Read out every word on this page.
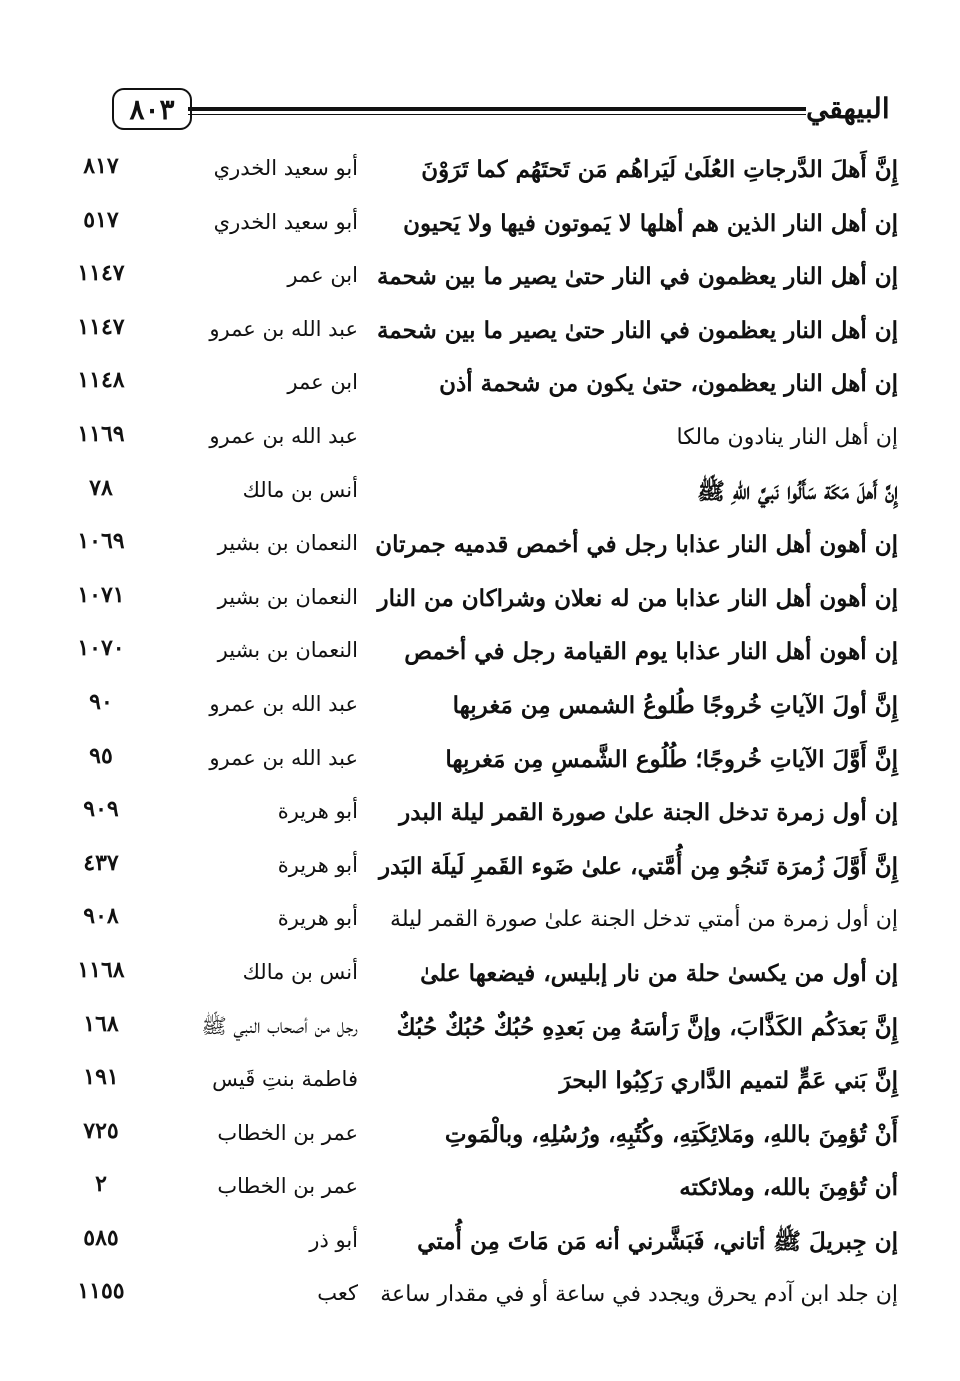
٨٠٣	البيهقي
إِنَّ أَهلَ الدَّرجاتِ العُلَىٰ لَيَراهُم مَن تَحتَهُم كما تَرَوْنَ
أبو سعيد الخدري
٨١٧
إن أهل النار الذين هم أهلها لا يَموتون فيها ولا يَحيون
أبو سعيد الخدري
٥١٧
إن أهل النار يعظمون في النار حتىٰ يصير ما بين شحمة
ابن عمر
١١٤٧
إن أهل النار يعظمون في النار حتىٰ يصير ما بين شحمة
عبد الله بن عمرو
١١٤٧
إن أهل النار يعظمون، حتىٰ يكون من شحمة أذن
ابن عمر
١١٤٨
إن أهل النار ينادون مالكا
عبد الله بن عمرو
١١٦٩
إِنَّ أَهلَ مَكَة سَأَلُوا نَبيَّ اللهِ ﷺ
أنس بن مالك
٧٨
إن أهون أهل النار عذابا رجل في أخمص قدميه جمرتان
النعمان بن بشير
١٠٦٩
إن أهون أهل النار عذابا من له نعلان وشراكان من النار
النعمان بن بشير
١٠٧١
إن أهون أهل النار عذابا يوم القيامة رجل في أخمص
النعمان بن بشير
١٠٧٠
إِنَّ أولَ الآياتِ خُروجًا طُلوعُ الشمس مِن مَغربِها
عبد الله بن عمرو
٩٠
إِنَّ أَوَّلَ الآياتِ خُروجًا؛ طُلُوع الشَّمسِ مِن مَغربِها
عبد الله بن عمرو
٩٥
إن أول زمرة تدخل الجنة علىٰ صورة القمر ليلة البدر
أبو هريرة
٩٠٩
إِنَّ أَوَّلَ زُمرَة تَنجُو مِن أُمَّتي، علىٰ ضَوء القَمرِ لَيلَة البَدر
أبو هريرة
٤٣٧
إن أول زمرة من أمتي تدخل الجنة علىٰ صورة القمر ليلة
أبو هريرة
٩٠٨
إن أول من يكسىٰ حلة من نار إبليس، فيضعها علىٰ
أنس بن مالك
١١٦٨
إِنَّ بَعدَكُم الكَذَّابَ، وإنَّ رَأسَهُ مِن بَعدِهِ حُبُكٌ حُبُكٌ حُبُكٌ
رجل من أصحاب النبي ﷺ
١٦٨
إِنَّ بَني عَمٍّ لتميم الدَّاري رَكِبُوا البحرَ
فاطمة بنتِ قَيس
١٩١
أَنْ تُؤمِنَ باللهِ، ومَلائِكَتِهِ، وكُتُبِهِ، ورُسُلِهِ، وبالْمَوتِ
عمر بن الخطاب
٧٢٥
أن تُؤمِنَ بالله، وملائكته
عمر بن الخطاب
٢
إن جِبريلَ ﷺ أتاني، فَبَشَّرني أنه مَن مَاتَ مِن أُمتي
أبو ذر
٥٨٥
إن جلد ابن آدم يحرق ويجدد في ساعة أو في مقدار ساعة
كعب
١١٥٥
